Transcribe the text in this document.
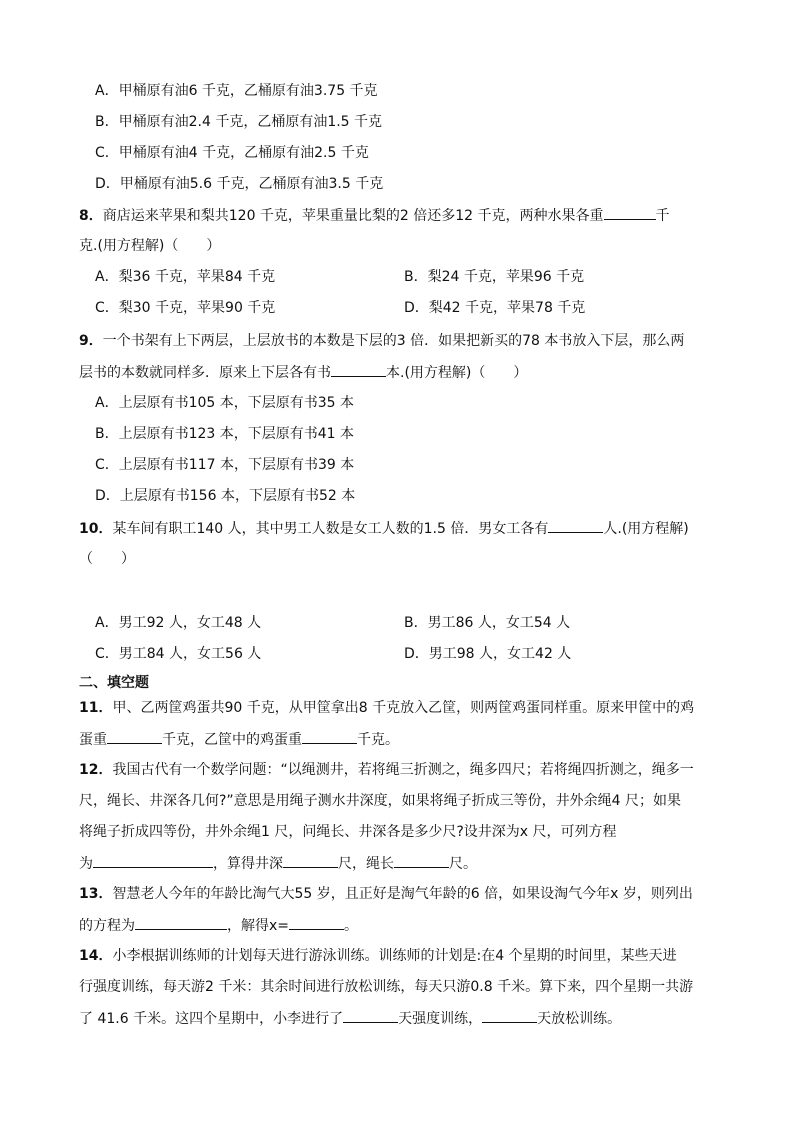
A．甲桶原有油6 千克，乙桶原有油3.75 千克
B．甲桶原有油2.4 千克，乙桶原有油1.5 千克
C．甲桶原有油4 千克，乙桶原有油2.5 千克
D．甲桶原有油5.6 千克，乙桶原有油3.5 千克
8．商店运来苹果和梨共120 千克，苹果重量比梨的2 倍还多12 千克，两种水果各重	千
克.(用方程解)（　　）
A．梨36 千克，苹果84 千克	B．梨24 千克，苹果96 千克
C．梨30 千克，苹果90 千克	D．梨42 千克，苹果78 千克
9．一个书架有上下两层，上层放书的本数是下层的3 倍．如果把新买的78 本书放入下层，那么两
层书的本数就同样多．原来上下层各有书	本.(用方程解)（　　）
A．上层原有书105 本，下层原有书35 本
B．上层原有书123 本，下层原有书41 本
C．上层原有书117 本，下层原有书39 本
D．上层原有书156 本，下层原有书52 本
10．某车间有职工140 人，其中男工人数是女工人数的1.5 倍．男女工各有	人.(用方程解)
（　　）
A．男工92 人，女工48 人	B．男工86 人，女工54 人
C．男工84 人，女工56 人	D．男工98 人，女工42 人
二、填空题
11．甲、乙两筐鸡蛋共90 千克，从甲筐拿出8 千克放入乙筐，则两筐鸡蛋同样重。原来甲筐中的鸡
蛋重	千克，乙筐中的鸡蛋重	千克。
12．我国古代有一个数学问题：“以绳测井，若将绳三折测之，绳多四尺；若将绳四折测之，绳多一
尺，绳长、井深各几何?”意思是用绳子测水井深度，如果将绳子折成三等份，井外余绳4 尺；如果
将绳子折成四等份，井外余绳1 尺，问绳长、井深各是多少尺?设井深为x 尺，可列方程
为	，算得井深	尺，绳长	尺。
13．智慧老人今年的年龄比淘气大55 岁，且正好是淘气年龄的6 倍，如果设淘气今年x 岁，则列出
的方程为	，解得x=	。
14．小李根据训练师的计划每天进行游泳训练。训练师的计划是:在4 个星期的时间里，某些天进
行强度训练，每天游2 千米：其余时间进行放松训练，每天只游0.8 千米。算下来，四个星期一共游
了 41.6 千米。这四个星期中，小李进行了	天强度训练，	天放松训练。
